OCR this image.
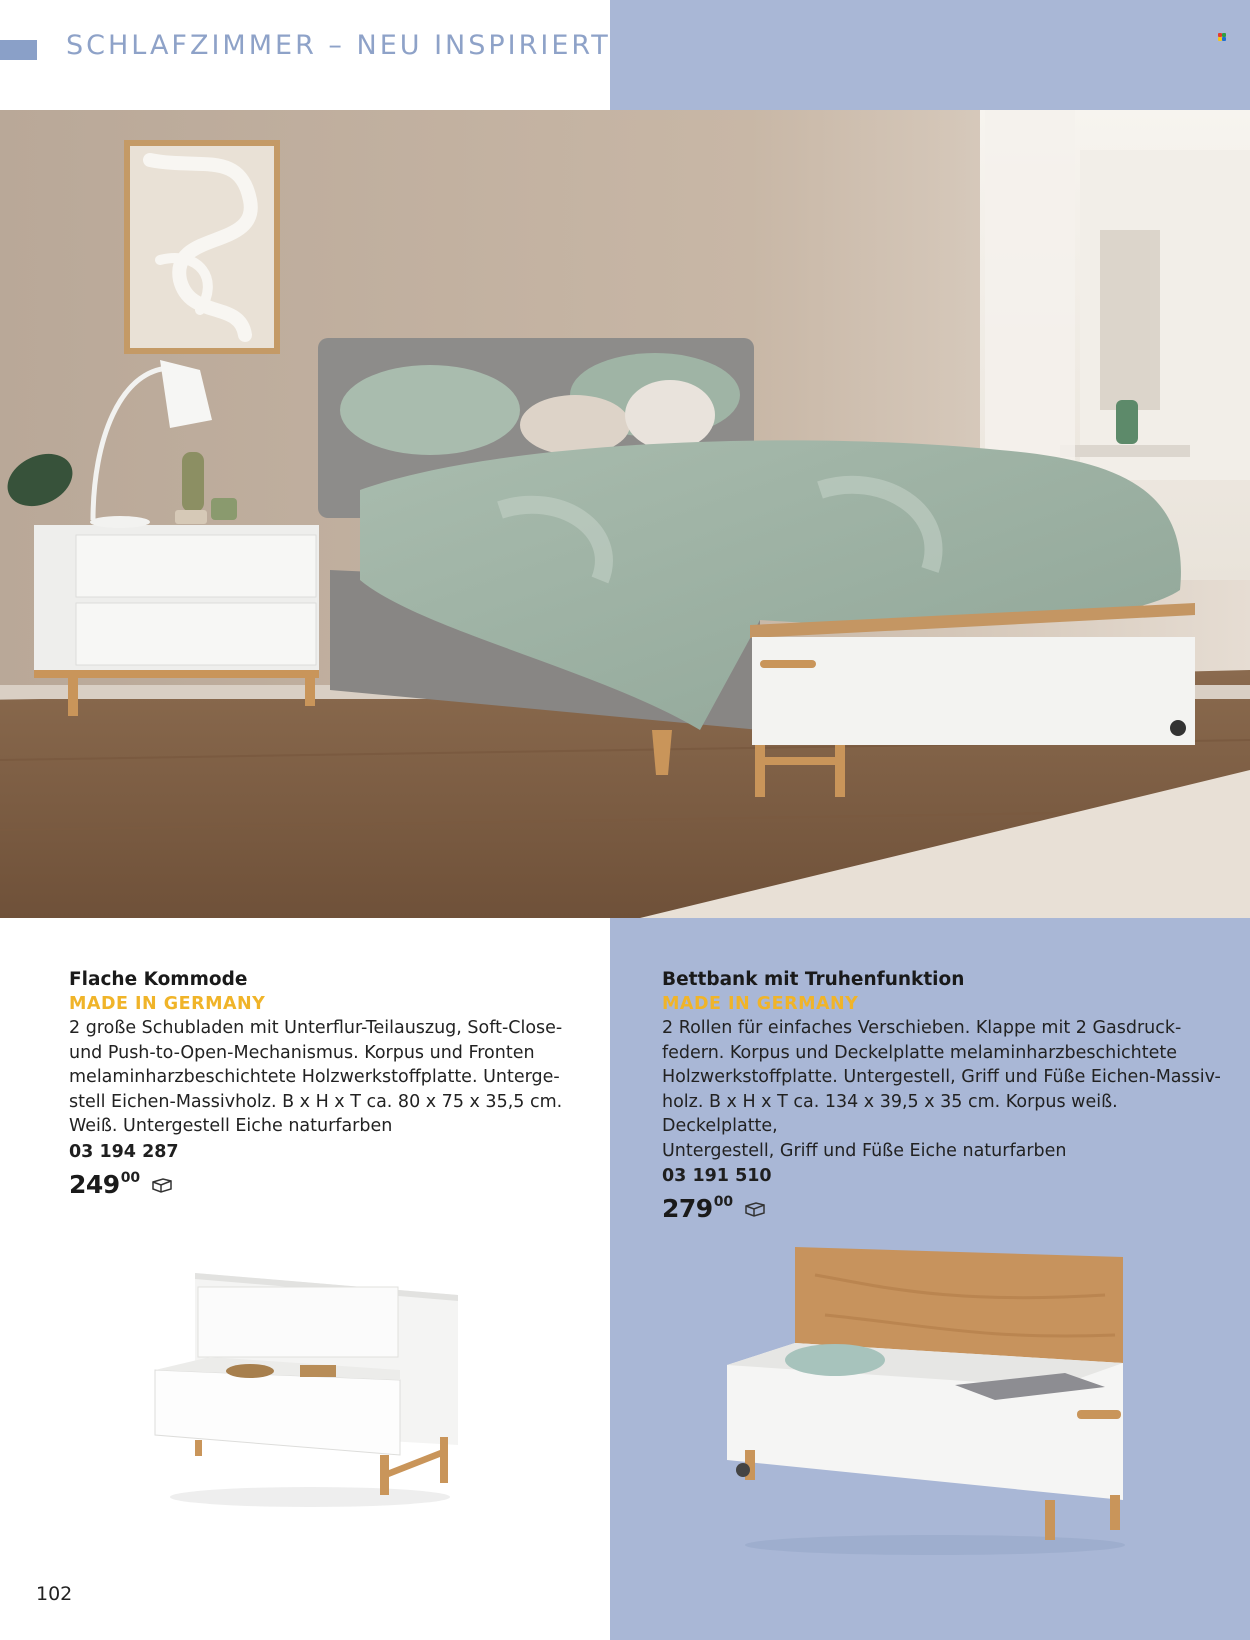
SCHLAFZIMMER – NEU INSPIRIERT
Flache Kommode
MADE IN GERMANY
2 große Schubladen mit Unterflur-Teilauszug, Soft-Close-
und Push-to-Open-Mechanismus. Korpus und Fronten
melaminharzbeschichtete Holzwerkstoffplatte. Unterge-
stell Eichen-Massivholz. B x H x T ca. 80 x 75 x 35,5 cm.
Weiß. Untergestell Eiche naturfarben
03 194 287
24900
Bettbank mit Truhenfunktion
MADE IN GERMANY
2 Rollen für einfaches Verschieben. Klappe mit 2 Gasdruck-
federn. Korpus und Deckelplatte melaminharzbeschichtete
Holzwerkstoffplatte. Untergestell, Griff und Füße Eichen-Massiv-
holz. B x H x T ca. 134 x 39,5 x 35 cm. Korpus weiß. Deckelplatte,
Untergestell, Griff und Füße Eiche naturfarben
03 191 510
27900
102
